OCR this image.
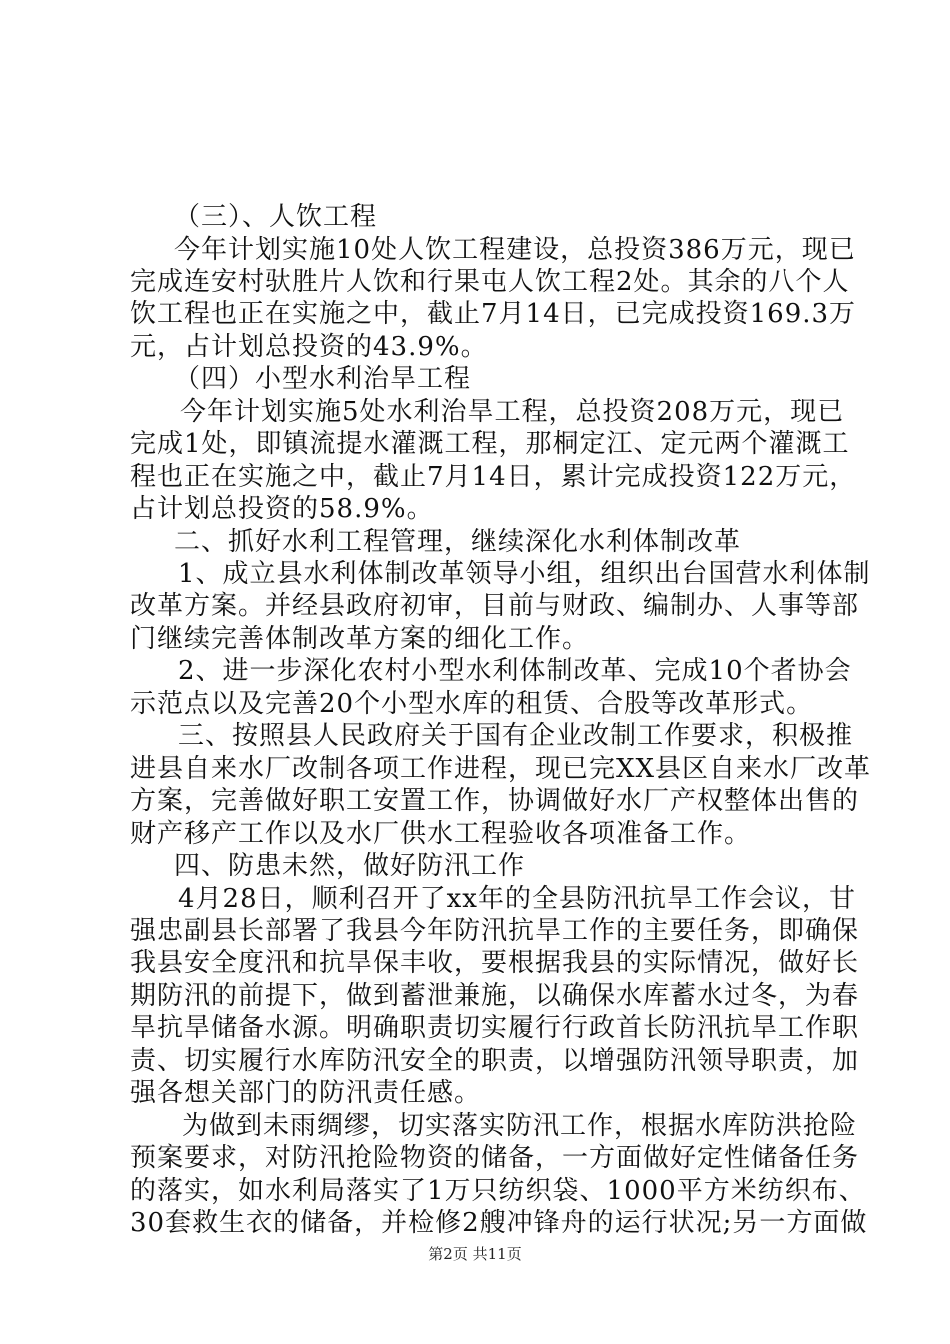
（三）、人饮工程
今年计划实施10处人饮工程建设，总投资386万元，现已
完成连安村驮胜片人饮和行果屯人饮工程2处。其余的八个人
饮工程也正在实施之中，截止7月14日，已完成投资169.3万
元，占计划总投资的43.9%。
（四）小型水利治旱工程
今年计划实施5处水利治旱工程，总投资208万元，现已
完成1处，即镇流提水灌溉工程，那桐定江、定元两个灌溉工
程也正在实施之中，截止7月14日，累计完成投资122万元，
占计划总投资的58.9%。
二、抓好水利工程管理，继续深化水利体制改革
1、成立县水利体制改革领导小组，组织出台国营水利体制
改革方案。并经县政府初审，目前与财政、编制办、人事等部
门继续完善体制改革方案的细化工作。
2、进一步深化农村小型水利体制改革、完成10个者协会
示范点以及完善20个小型水库的租赁、合股等改革形式。
三、按照县人民政府关于国有企业改制工作要求，积极推
进县自来水厂改制各项工作进程，现已完XX县区自来水厂改革
方案，完善做好职工安置工作，协调做好水厂产权整体出售的
财产移产工作以及水厂供水工程验收各项准备工作。
四、防患未然，做好防汛工作
4月28日，顺利召开了xx年的全县防汛抗旱工作会议，甘
强忠副县长部署了我县今年防汛抗旱工作的主要任务，即确保
我县安全度汛和抗旱保丰收，要根据我县的实际情况，做好长
期防汛的前提下，做到蓄泄兼施，以确保水库蓄水过冬，为春
旱抗旱储备水源。明确职责切实履行行政首长防汛抗旱工作职
责、切实履行水库防汛安全的职责，以增强防汛领导职责，加
强各想关部门的防汛责任感。
为做到未雨绸缪，切实落实防汛工作，根据水库防洪抢险
预案要求，对防汛抢险物资的储备，一方面做好定性储备任务
的落实，如水利局落实了1万只纺织袋、1000平方米纺织布、
30套救生衣的储备，并检修2艘冲锋舟的运行状况;另一方面做
第2页 共11页
